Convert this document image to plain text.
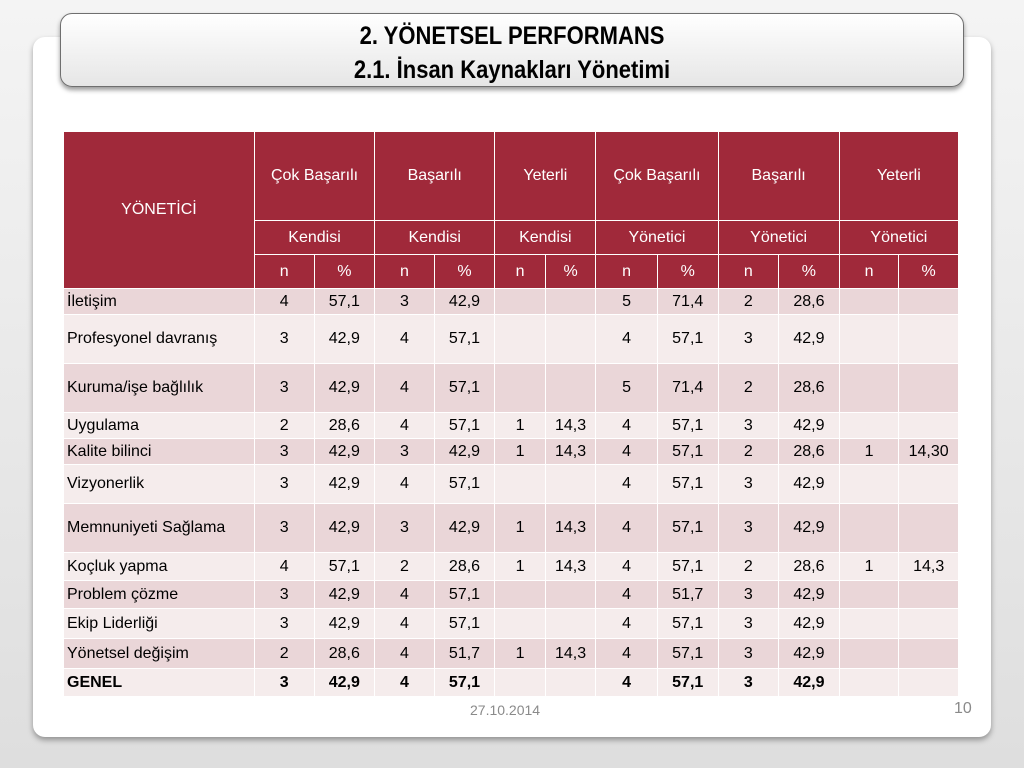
27.10.2014	10
2. YÖNETSEL PERFORMANS
2.1. İnsan Kaynakları Yönetimi
YÖNETİCİ	Çok Başarılı		Başarılı		Yeterli		Çok Başarılı		Başarılı		Yeterli	
	Kendisi		Kendisi		Kendisi		Yönetici		Yönetici		Yönetici	
	n	%	n	%	n	%	n	%	n	%	n	%
İletişim	4	57,1	3	42,9			5	71,4	2	28,6		
Profesyonel davranış	3	42,9	4	57,1			4	57,1	3	42,9		
Kuruma/işe bağlılık	3	42,9	4	57,1			5	71,4	2	28,6		
Uygulama	2	28,6	4	57,1	1	14,3	4	57,1	3	42,9		
Kalite bilinci	3	42,9	3	42,9	1	14,3	4	57,1	2	28,6	1	14,30
Vizyonerlik	3	42,9	4	57,1			4	57,1	3	42,9		
Memnuniyeti Sağlama	3	42,9	3	42,9	1	14,3	4	57,1	3	42,9		
Koçluk yapma	4	57,1	2	28,6	1	14,3	4	57,1	2	28,6	1	14,3
Problem çözme	3	42,9	4	57,1			4	51,7	3	42,9		
Ekip Liderliği	3	42,9	4	57,1			4	57,1	3	42,9		
Yönetsel değişim	2	28,6	4	51,7	1	14,3	4	57,1	3	42,9		
GENEL	3	42,9	4	57,1			4	57,1	3	42,9		
